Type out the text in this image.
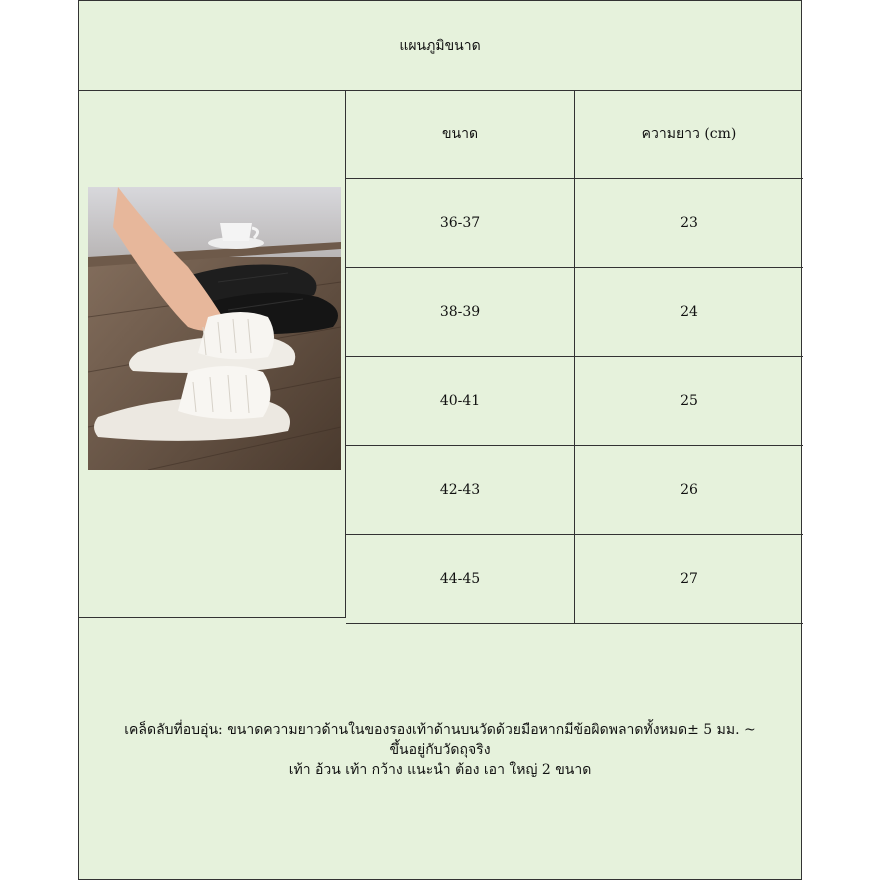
แผนภูมิขนาด
ขนาด	ความยาว (cm)
36-37	23
38-39	24
40-41	25
42-43	26
44-45	27
เคล็ดลับที่อบอุ่น: ขนาดความยาวด้านในของรองเท้าด้านบนวัดด้วยมือหากมีข้อผิดพลาดทั้งหมด± 5 มม. ~
ขึ้นอยู่กับวัดถุจริง
เท้า อ้วน เท้า กว้าง แนะนำ ต้อง เอา ใหญ่ 2 ขนาด
